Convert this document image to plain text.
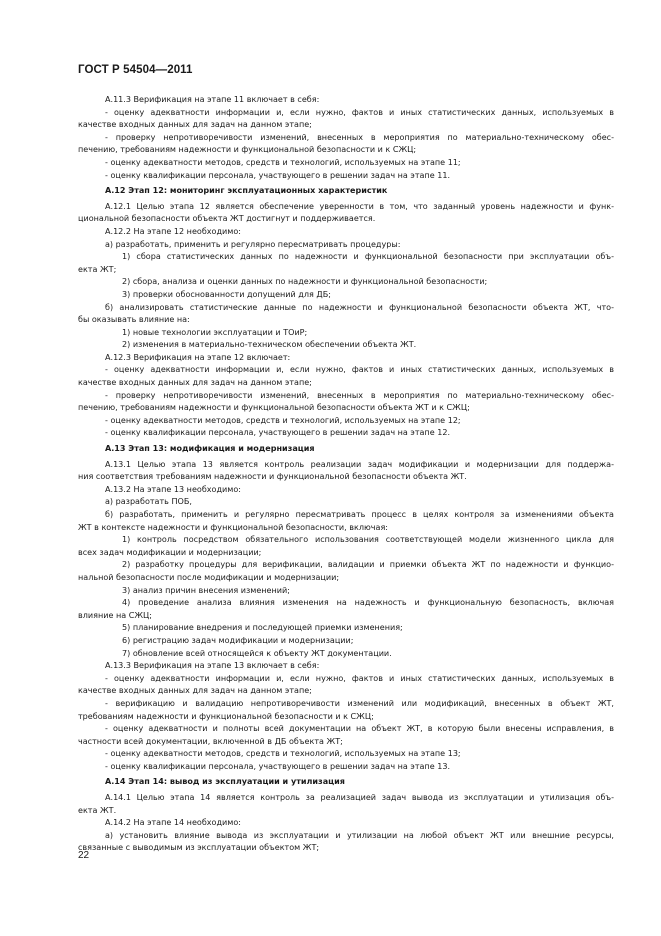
ГОСТ Р 54504—2011
А.11.3 Верификация на этапе 11 включает в себя:
- оценку адекватности информации и, если нужно, фактов и иных статистических данных, используемых в
качестве входных данных для задач на данном этапе;
- проверку непротиворечивости изменений, внесенных в мероприятия по материально-техническому обес-
печению, требованиям надежности и функциональной безопасности и к СЖЦ;
- оценку адекватности методов, средств и технологий, используемых на этапе 11;
- оценку квалификации персонала, участвующего в решении задач на этапе 11.
А.12 Этап 12: мониторинг эксплуатационных характеристик
А.12.1 Целью этапа 12 является обеспечение уверенности в том, что заданный уровень надежности и функ-
циональной безопасности объекта ЖТ достигнут и поддерживается.
А.12.2 На этапе 12 необходимо:
а) разработать, применить и регулярно пересматривать процедуры:
1) сбора статистических данных по надежности и функциональной безопасности при эксплуатации объ-
екта ЖТ;
2) сбора, анализа и оценки данных по надежности и функциональной безопасности;
3) проверки обоснованности допущений для ДБ;
б) анализировать статистические данные по надежности и функциональной безопасности объекта ЖТ, что-
бы оказывать влияние на:
1) новые технологии эксплуатации и ТОиР;
2) изменения в материально-техническом обеспечении объекта ЖТ.
А.12.3 Верификация на этапе 12 включает:
- оценку адекватности информации и, если нужно, фактов и иных статистических данных, используемых в
качестве входных данных для задач на данном этапе;
- проверку непротиворечивости изменений, внесенных в мероприятия по материально-техническому обес-
печению, требованиям надежности и функциональной безопасности объекта ЖТ и к СЖЦ;
- оценку адекватности методов, средств и технологий, используемых на этапе 12;
- оценку квалификации персонала, участвующего в решении задач на этапе 12.
А.13 Этап 13: модификация и модернизация
А.13.1 Целью этапа 13 является контроль реализации задач модификации и модернизации для поддержа-
ния соответствия требованиям надежности и функциональной безопасности объекта ЖТ.
А.13.2 На этапе 13 необходимо:
а) разработать ПОБ,
б) разработать, применить и регулярно пересматривать процесс в целях контроля за изменениями объекта
ЖТ в контексте надежности и функциональной безопасности, включая:
1) контроль посредством обязательного использования соответствующей модели жизненного цикла для
всех задач модификации и модернизации;
2) разработку процедуры для верификации, валидации и приемки объекта ЖТ по надежности и функцио-
нальной безопасности после модификации и модернизации;
3) анализ причин внесения изменений;
4) проведение анализа влияния изменения на надежность и функциональную безопасность, включая
влияние на СЖЦ;
5) планирование внедрения и последующей приемки изменения;
6) регистрацию задач модификации и модернизации;
7) обновление всей относящейся к объекту ЖТ документации.
А.13.3 Верификация на этапе 13 включает в себя:
- оценку адекватности информации и, если нужно, фактов и иных статистических данных, используемых в
качестве входных данных для задач на данном этапе;
- верификацию и валидацию непротиворечивости изменений или модификаций, внесенных в объект ЖТ,
требованиям надежности и функциональной безопасности и к СЖЦ;
- оценку адекватности и полноты всей документации на объект ЖТ, в которую были внесены исправления, в
частности всей документации, включенной в ДБ объекта ЖТ;
- оценку адекватности методов, средств и технологий, используемых на этапе 13;
- оценку квалификации персонала, участвующего в решении задач на этапе 13.
А.14 Этап 14: вывод из эксплуатации и утилизация
А.14.1 Целью этапа 14 является контроль за реализацией задач вывода из эксплуатации и утилизация объ-
екта ЖТ.
А.14.2 На этапе 14 необходимо:
а) установить влияние вывода из эксплуатации и утилизации на любой объект ЖТ или внешние ресурсы,
связанные с выводимым из эксплуатации объектом ЖТ;
22
